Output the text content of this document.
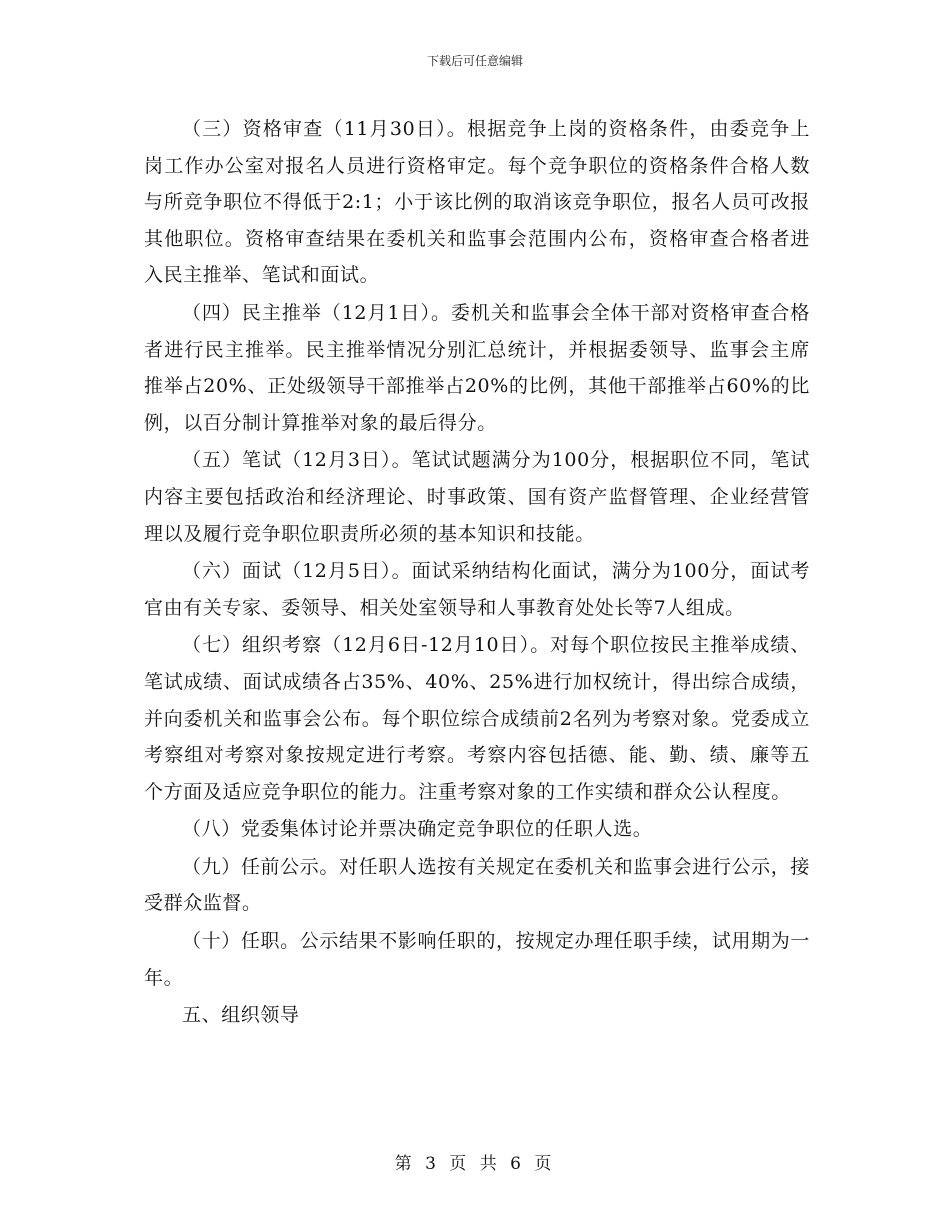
下载后可任意编辑

（三）资格审查（11月30日）。根据竞争上岗的资格条件，由委竞争上岗工作办公室对报名人员进行资格审定。每个竞争职位的资格条件合格人数与所竞争职位不得低于2:1；小于该比例的取消该竞争职位，报名人员可改报其他职位。资格审查结果在委机关和监事会范围内公布，资格审查合格者进入民主推举、笔试和面试。

（四）民主推举（12月1日）。委机关和监事会全体干部对资格审查合格者进行民主推举。民主推举情况分别汇总统计，并根据委领导、监事会主席推举占20%、正处级领导干部推举占20%的比例，其他干部推举占60%的比例，以百分制计算推举对象的最后得分。

（五）笔试（12月3日）。笔试试题满分为100分，根据职位不同，笔试内容主要包括政治和经济理论、时事政策、国有资产监督管理、企业经营管理以及履行竞争职位职责所必须的基本知识和技能。

（六）面试（12月5日）。面试采纳结构化面试，满分为100分，面试考官由有关专家、委领导、相关处室领导和人事教育处处长等7人组成。

（七）组织考察（12月6日-12月10日）。对每个职位按民主推举成绩、笔试成绩、面试成绩各占35%、40%、25%进行加权统计，得出综合成绩，并向委机关和监事会公布。每个职位综合成绩前2名列为考察对象。党委成立考察组对考察对象按规定进行考察。考察内容包括德、能、勤、绩、廉等五个方面及适应竞争职位的能力。注重考察对象的工作实绩和群众公认程度。

（八）党委集体讨论并票决确定竞争职位的任职人选。

（九）任前公示。对任职人选按有关规定在委机关和监事会进行公示，接受群众监督。

（十）任职。公示结果不影响任职的，按规定办理任职手续，试用期为一年。

五、组织领导

第 3 页 共 6 页
